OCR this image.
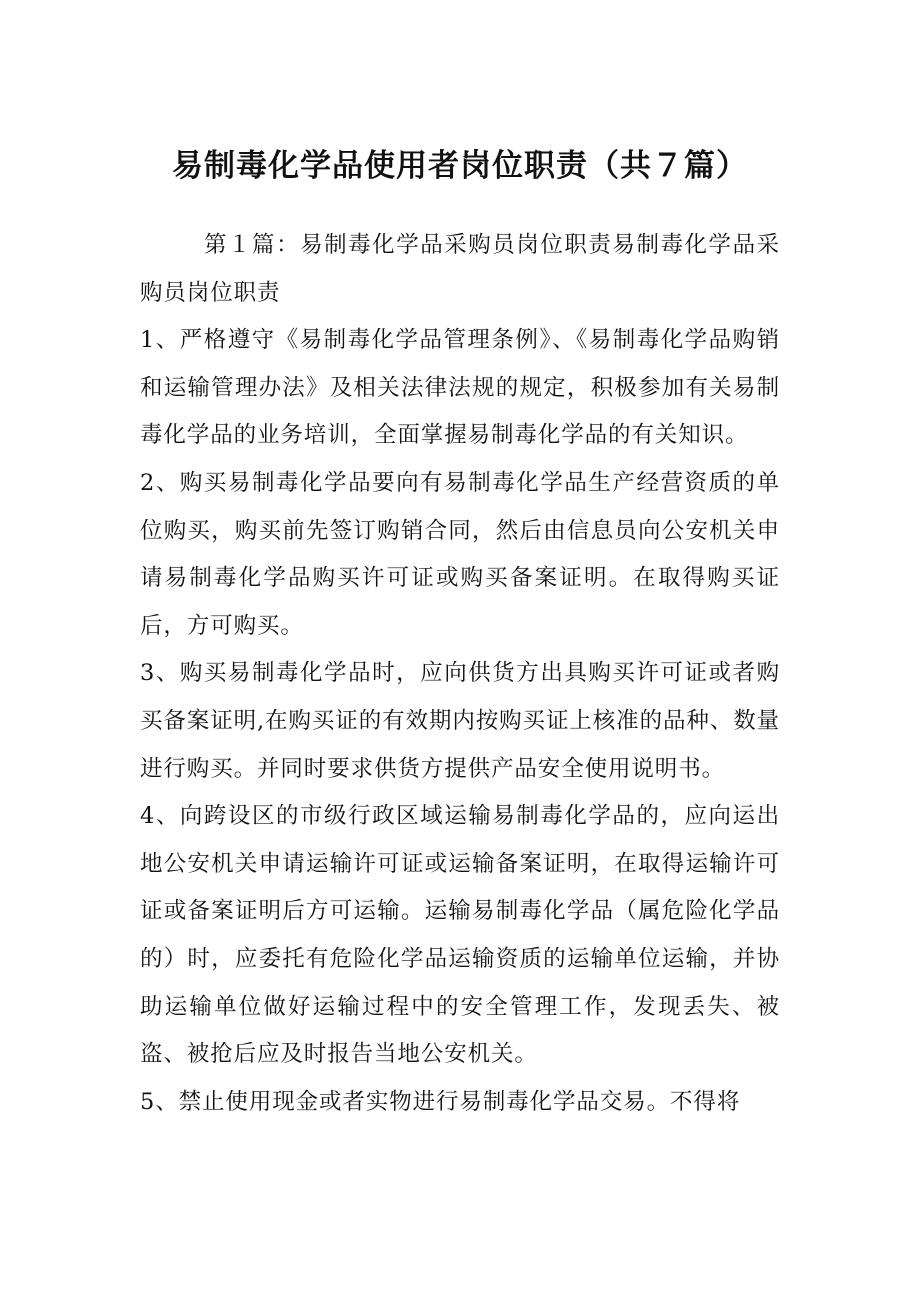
易制毒化学品使用者岗位职责（共７篇）

第１篇：易制毒化学品采购员岗位职责易制毒化学品采购员岗位职责

1、严格遵守《易制毒化学品管理条例》、《易制毒化学品购销和运输管理办法》及相关法律法规的规定，积极参加有关易制毒化学品的业务培训，全面掌握易制毒化学品的有关知识。

2、购买易制毒化学品要向有易制毒化学品生产经营资质的单位购买，购买前先签订购销合同，然后由信息员向公安机关申请易制毒化学品购买许可证或购买备案证明。在取得购买证后，方可购买。

3、购买易制毒化学品时，应向供货方出具购买许可证或者购买备案证明,在购买证的有效期内按购买证上核准的品种、数量进行购买。并同时要求供货方提供产品安全使用说明书。

4、向跨设区的市级行政区域运输易制毒化学品的，应向运出地公安机关申请运输许可证或运输备案证明，在取得运输许可证或备案证明后方可运输。运输易制毒化学品（属危险化学品的）时，应委托有危险化学品运输资质的运输单位运输，并协助运输单位做好运输过程中的安全管理工作，发现丢失、被盗、被抢后应及时报告当地公安机关。

5、禁止使用现金或者实物进行易制毒化学品交易。不得将
